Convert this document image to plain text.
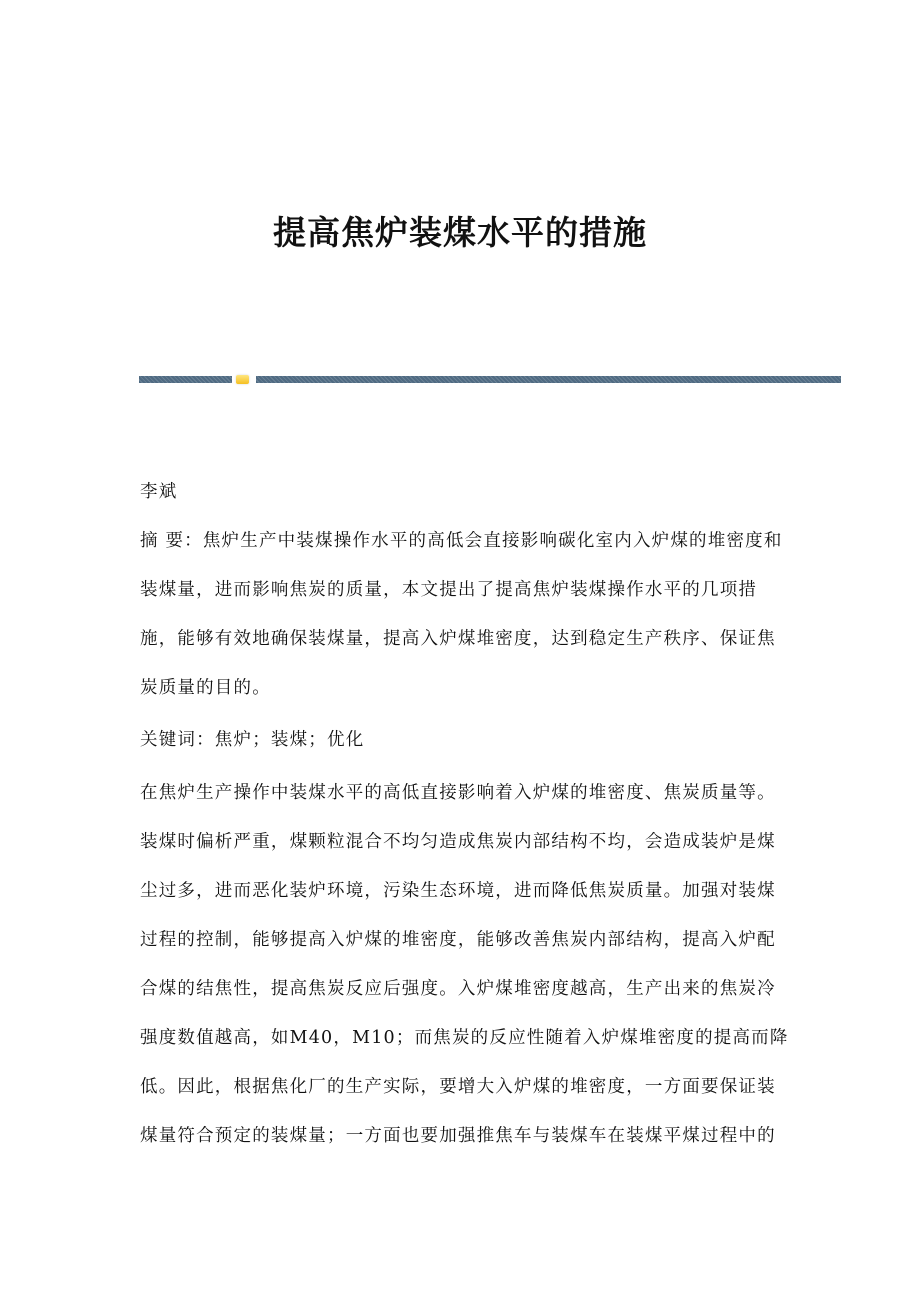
提高焦炉装煤水平的措施
李斌
摘 要：焦炉生产中装煤操作水平的高低会直接影响碳化室内入炉煤的堆密度和
装煤量，进而影响焦炭的质量，本文提出了提高焦炉装煤操作水平的几项措
施，能够有效地确保装煤量，提高入炉煤堆密度，达到稳定生产秩序、保证焦
炭质量的目的。
关键词：焦炉；装煤；优化
在焦炉生产操作中装煤水平的高低直接影响着入炉煤的堆密度、焦炭质量等。
装煤时偏析严重，煤颗粒混合不均匀造成焦炭内部结构不均，会造成装炉是煤
尘过多，进而恶化装炉环境，污染生态环境，进而降低焦炭质量。加强对装煤
过程的控制，能够提高入炉煤的堆密度，能够改善焦炭内部结构，提高入炉配
合煤的结焦性，提高焦炭反应后强度。入炉煤堆密度越高，生产出来的焦炭冷
强度数值越高，如M40，M10；而焦炭的反应性随着入炉煤堆密度的提高而降
低。因此，根据焦化厂的生产实际，要增大入炉煤的堆密度，一方面要保证装
煤量符合预定的装煤量；一方面也要加强推焦车与装煤车在装煤平煤过程中的
